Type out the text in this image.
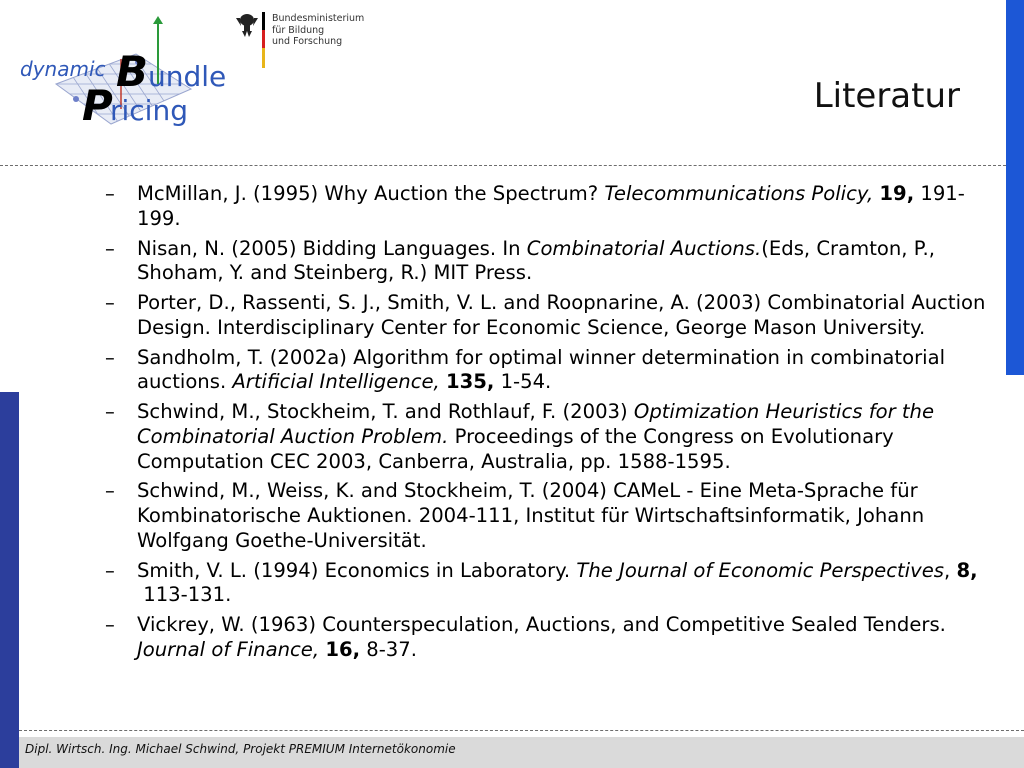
dynamic B undle
P
ricing
Bundesministerium
für Bildung
und Forschung
Literatur
– McMillan, J. (1995) Why Auction the Spectrum? Telecommunications Policy, 19, 191-199.
– Nisan, N. (2005) Bidding Languages. In Combinatorial Auctions.(Eds, Cramton, P., Shoham, Y. and Steinberg, R.) MIT Press.
– Porter, D., Rassenti, S. J., Smith, V. L. and Roopnarine, A. (2003) Combinatorial Auction Design. Interdisciplinary Center for Economic Science, George Mason University.
– Sandholm, T. (2002a) Algorithm for optimal winner determination in combinatorial auctions. Artificial Intelligence, 135, 1-54.
– Schwind, M., Stockheim, T. and Rothlauf, F. (2003) Optimization Heuristics for the Combinatorial Auction Problem. Proceedings of the Congress on Evolutionary Computation CEC 2003, Canberra, Australia, pp. 1588-1595.
– Schwind, M., Weiss, K. and Stockheim, T. (2004) CAMeL - Eine Meta-Sprache für Kombinatorische Auktionen. 2004-111, Institut für Wirtschaftsinformatik, Johann Wolfgang Goethe-Universität.
– Smith, V. L. (1994) Economics in Laboratory. The Journal of Economic Perspectives, 8, 113-131.
– Vickrey, W. (1963) Counterspeculation, Auctions, and Competitive Sealed Tenders. Journal of Finance, 16, 8-37.
Dipl. Wirtsch. Ing. Michael Schwind, Projekt PREMIUM Internetökonomie
